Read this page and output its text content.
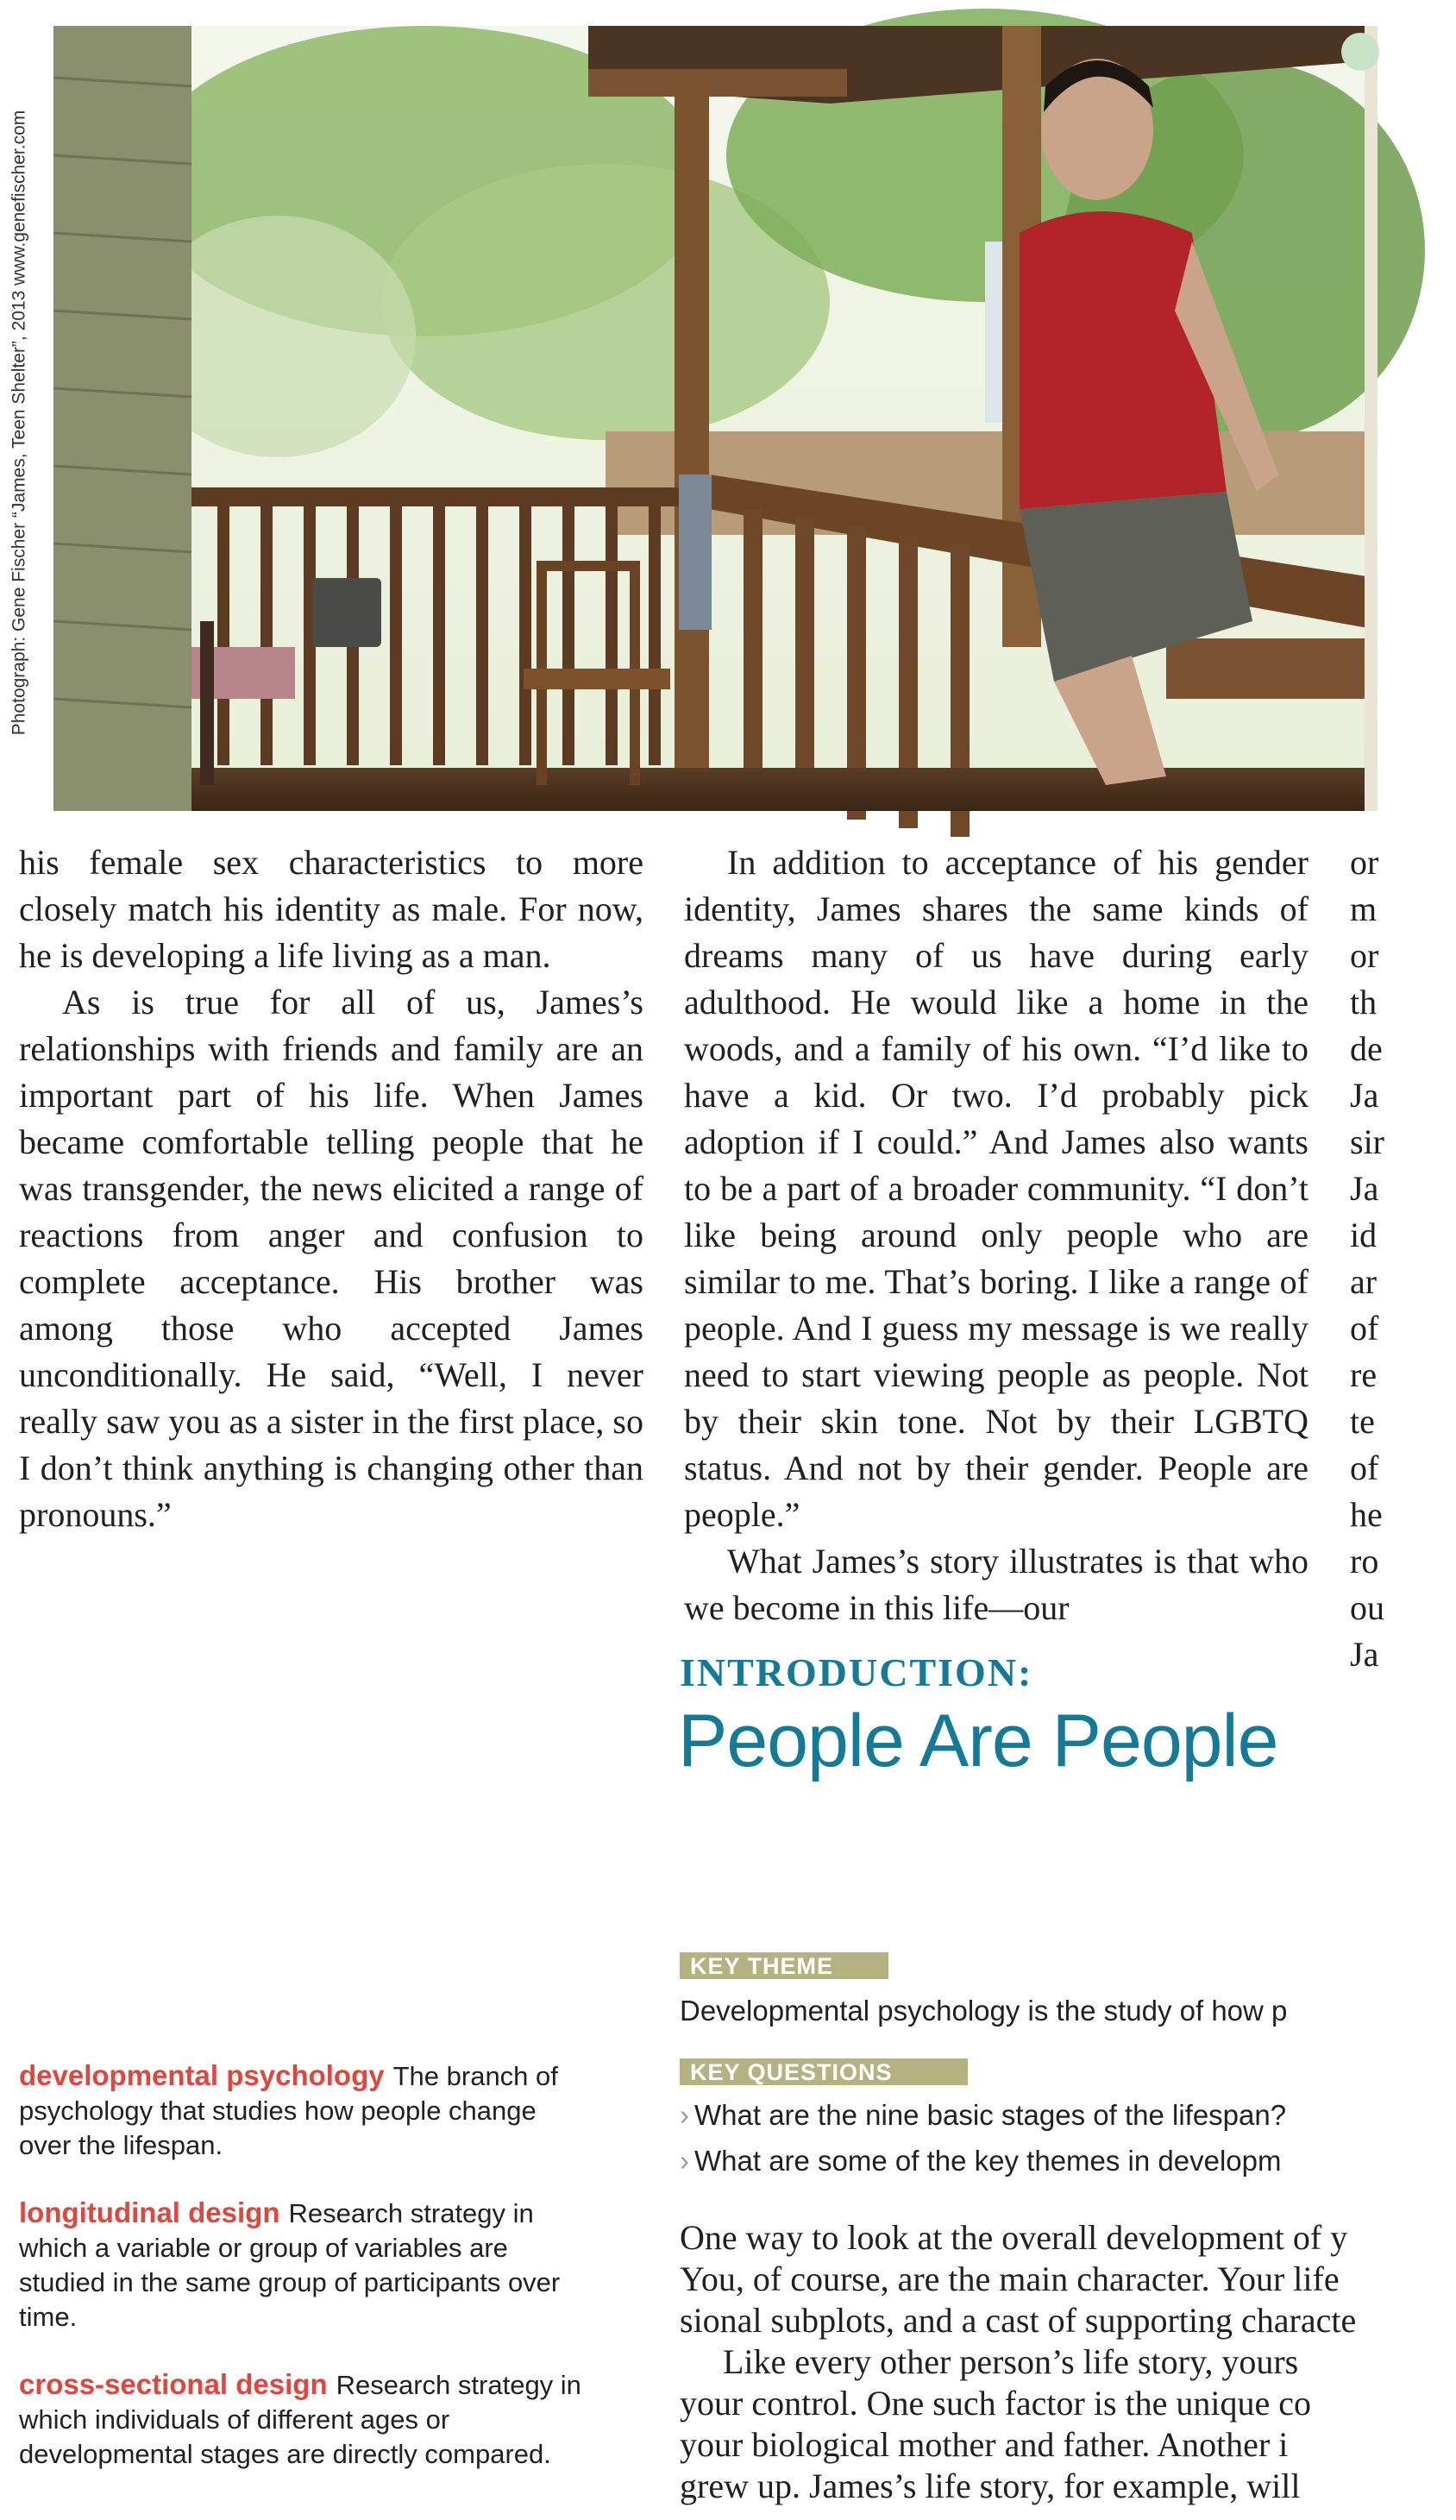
Photograph: Gene Fischer “James, Teen Shelter”, 2013 www.genefischer.com

his female sex characteristics to more closely match his identity as male. For now, he is developing a life living as a man.

As is true for all of us, James’s relationships with friends and family are an important part of his life. When James became comfortable telling people that he was transgender, the news elicited a range of reactions from anger and confusion to complete acceptance. His brother was among those who accepted James unconditionally. He said, “Well, I never really saw you as a sister in the first place, so I don’t think anything is changing other than pronouns.”

In addition to acceptance of his gender identity, James shares the same kinds of dreams many of us have during early adulthood. He would like a home in the woods, and a family of his own. “I’d like to have a kid. Or two. I’d probably pick adoption if I could.” And James also wants to be a part of a broader community. “I don’t like being around only people who are similar to me. That’s boring. I like a range of people. And I guess my message is we really need to start viewing people as people. Not by their skin tone. Not by their LGBTQ status. And not by their gender. People are people.”

What James’s story illustrates is that who we become in this life—our

or
m
or
th
de
Ja
sir
Ja
id
ar
of
re
te
of
he
ro
ou
Ja
INTRODUCTION:
People Are People
KEY THEME
Developmental psychology is the study of how p
KEY QUESTIONS
› What are the nine basic stages of the lifespan?
› What are some of the key themes in developm
One way to look at the overall development of y
You, of course, are the main character. Your life
sional subplots, and a cast of supporting characte
Like every other person’s life story, yours
your control. One such factor is the unique co
your biological mother and father. Another i
grew up. James’s life story, for example, will
developmental psychology The branch of psychology that studies how people change over the lifespan.
longitudinal design Research strategy in which a variable or group of variables are studied in the same group of participants over time.
cross-sectional design Research strategy in which individuals of different ages or developmental stages are directly compared.
